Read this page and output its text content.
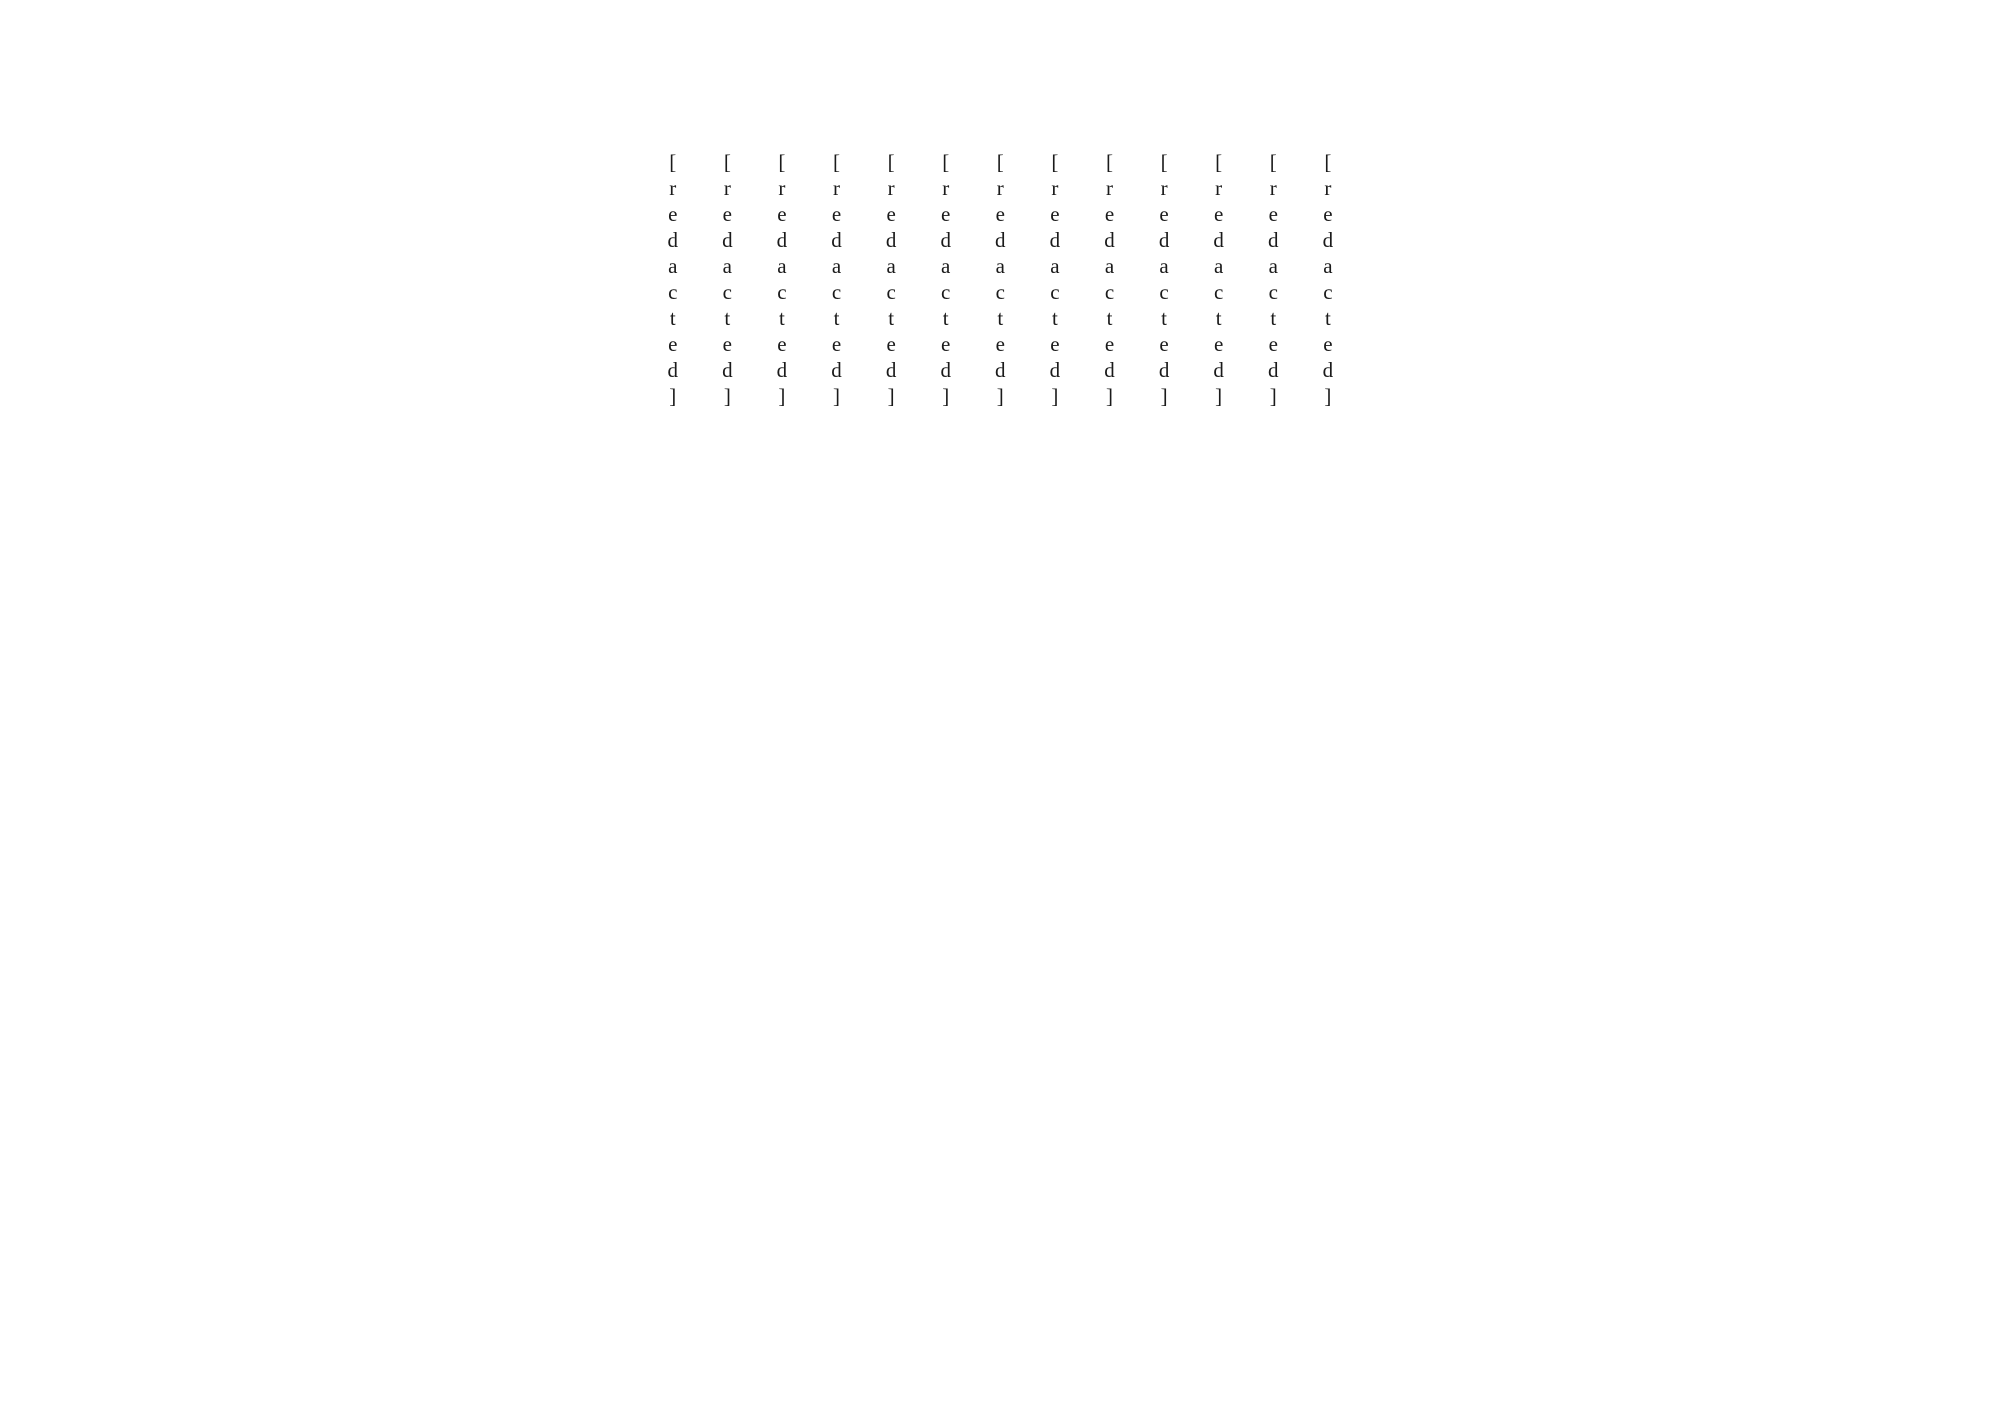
[redacted]
[redacted]
[redacted]
[redacted]
[redacted]
[redacted]
[redacted]
[redacted]
[redacted]
[redacted]
[redacted]
[redacted]
[redacted]
